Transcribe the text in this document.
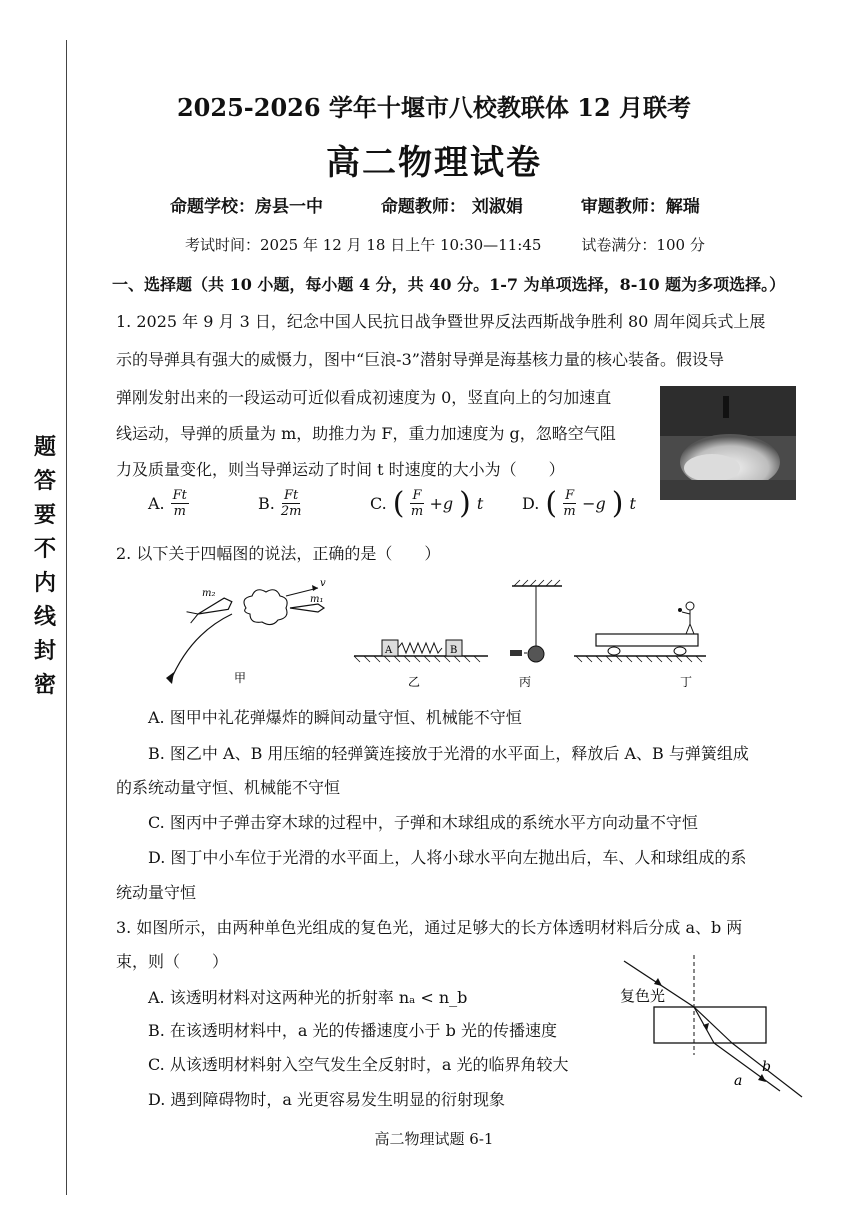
题
答
要
不
内
线
封
密
2025-2026 学年十堰市八校教联体 12 月联考
高二物理试卷
命题学校：房县一中	命题教师： 刘淑娟	审题教师：解瑞
考试时间：2025 年 12 月 18 日上午 10:30—11:45	试卷满分：100 分
一、选择题（共 10 小题，每小题 4 分，共 40 分。1-7 为单项选择，8-10 题为多项选择。）
1. 2025 年 9 月 3 日，纪念中国人民抗日战争暨世界反法西斯战争胜利 80 周年阅兵式上展
示的导弹具有强大的威慑力，图中“巨浪-3”潜射导弹是海基核力量的核心装备。假设导
弹刚发射出来的一段运动可近似看成初速度为 0，竖直向上的匀加速直
线运动，导弹的质量为 m，助推力为 F，重力加速度为 g，忽略空气阻
力及质量变化，则当导弹运动了时间 t 时速度的大小为（　　）
A. $\frac{Ft}{m}$	B. $\frac{Ft}{2m}$	C. ( $\frac{F}{m} +g$ ) t D. ( $\frac{F}{m} -g$ ) t
2. 以下关于四幅图的说法，正确的是（　　）
m₂
m₁
v
甲
A	B
乙	丙	丁
A. 图甲中礼花弹爆炸的瞬间动量守恒、机械能不守恒
B. 图乙中 A、B 用压缩的轻弹簧连接放于光滑的水平面上，释放后 A、B 与弹簧组成
的系统动量守恒、机械能不守恒
C. 图丙中子弹击穿木球的过程中，子弹和木球组成的系统水平方向动量不守恒
D. 图丁中小车位于光滑的水平面上，人将小球水平向左抛出后，车、人和球组成的系
统动量守恒
3. 如图所示，由两种单色光组成的复色光，通过足够大的长方体透明材料后分成 a、b 两
束，则（　　）
A. 该透明材料对这两种光的折射率 nₐ < n_b
B. 在该透明材料中，a 光的传播速度小于 b 光的传播速度
C. 从该透明材料射入空气发生全反射时，a 光的临界角较大
D. 遇到障碍物时，a 光更容易发生明显的衍射现象
复色光
a
b
高二物理试题 6-1
